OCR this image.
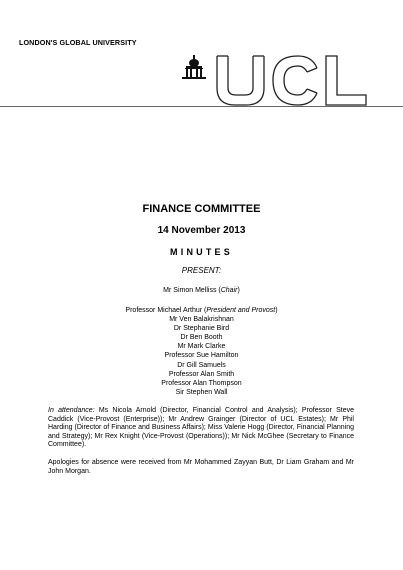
LONDON'S GLOBAL UNIVERSITY
FINANCE COMMITTEE
14 November 2013
MINUTES
PRESENT:
Mr Simon Melliss (Chair)
Professor Michael Arthur (President and Provost)
Mr Ven Balakrishnan
Dr Stephanie Bird
Dr Ben Booth
Mr Mark Clarke
Professor Sue Hamilton
Dr Gill Samuels
Professor Alan Smith
Professor Alan Thompson
Sir Stephen Wall
In attendance: Ms Nicola Arnold (Director, Financial Control and Analysis); Professor Steve Caddick (Vice-Provost (Enterprise)); Mr Andrew Grainger (Director of UCL Estates); Mr Phil Harding (Director of Finance and Business Affairs); Miss Valerie Hogg (Director, Financial Planning and Strategy); Mr Rex Knight (Vice-Provost (Operations)); Mr Nick McGhee (Secretary to Finance Committee).
Apologies for absence were received from Mr Mohammed Zayyan Butt, Dr Liam Graham and Mr John Morgan.
